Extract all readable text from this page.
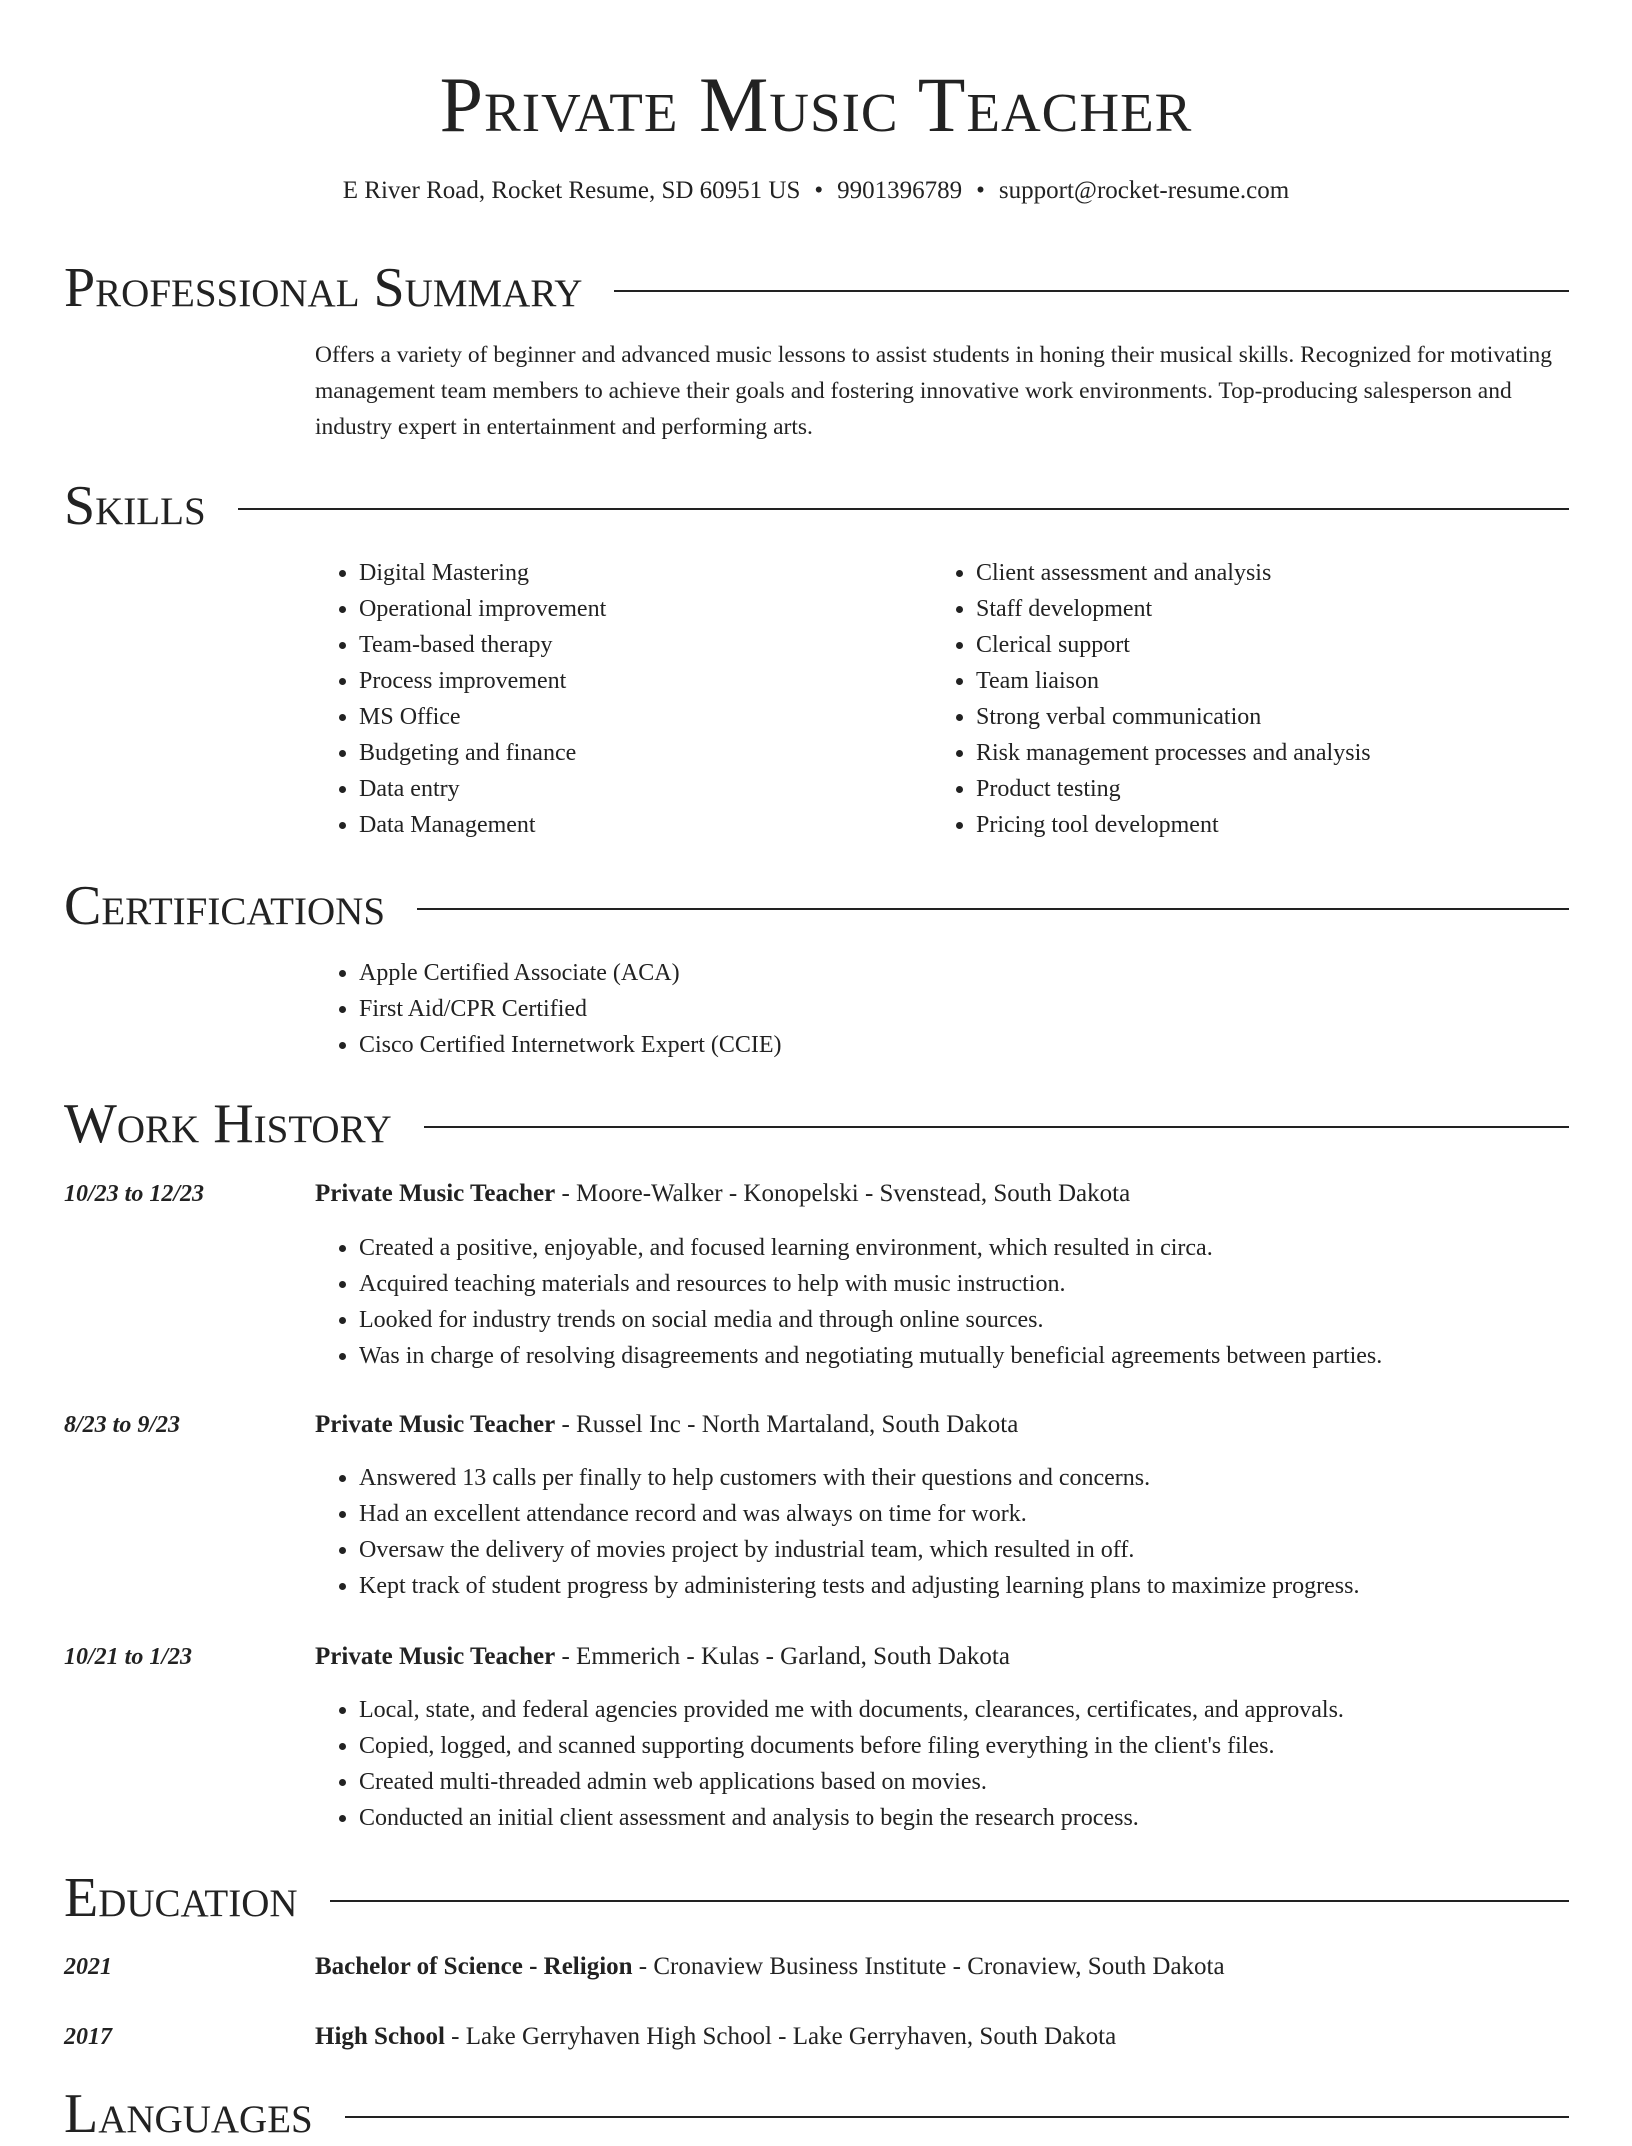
Private Music Teacher
E River Road, Rocket Resume, SD 60951 US • 9901396789 • support@rocket-resume.com
Professional Summary

Offers a variety of beginner and advanced music lessons to assist students in honing their musical skills. Recognized for motivating management team members to achieve their goals and fostering innovative work environments. Top-producing salesperson and industry expert in entertainment and performing arts.

Skills
• Digital Mastering
• Operational improvement
• Team-based therapy
• Process improvement
• MS Office
• Budgeting and finance
• Data entry
• Data Management
• Client assessment and analysis
• Staff development
• Clerical support
• Team liaison
• Strong verbal communication
• Risk management processes and analysis
• Product testing
• Pricing tool development
Certifications
• Apple Certified Associate (ACA)
• First Aid/CPR Certified
• Cisco Certified Internetwork Expert (CCIE)
Work History
10/23 to 12/23	Private Music Teacher - Moore-Walker - Konopelski - Svenstead, South Dakota
• Created a positive, enjoyable, and focused learning environment, which resulted in circa.
• Acquired teaching materials and resources to help with music instruction.
• Looked for industry trends on social media and through online sources.
• Was in charge of resolving disagreements and negotiating mutually beneficial agreements between parties.
8/23 to 9/23	Private Music Teacher - Russel Inc - North Martaland, South Dakota
• Answered 13 calls per finally to help customers with their questions and concerns.
• Had an excellent attendance record and was always on time for work.
• Oversaw the delivery of movies project by industrial team, which resulted in off.
• Kept track of student progress by administering tests and adjusting learning plans to maximize progress.
10/21 to 1/23	Private Music Teacher - Emmerich - Kulas - Garland, South Dakota
• Local, state, and federal agencies provided me with documents, clearances, certificates, and approvals.
• Copied, logged, and scanned supporting documents before filing everything in the client's files.
• Created multi-threaded admin web applications based on movies.
• Conducted an initial client assessment and analysis to begin the research process.
Education
2021	Bachelor of Science - Religion - Cronaview Business Institute - Cronaview, South Dakota
2017	High School - Lake Gerryhaven High School - Lake Gerryhaven, South Dakota
Languages
